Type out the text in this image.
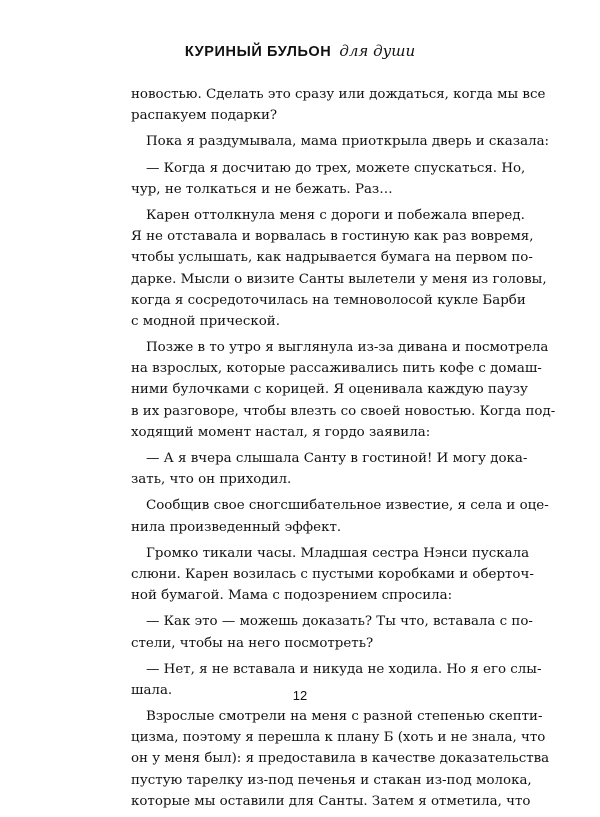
КУРИНЫЙ БУЛЬОН для души
новостью. Сделать это сразу или дождаться, когда мы все
распакуем подарки?
Пока я раздумывала, мама приоткрыла дверь и сказала:
— Когда я досчитаю до трех, можете спускаться. Но,
чур, не толкаться и не бежать. Раз…
Карен оттолкнула меня с дороги и побежала вперед.
Я не отставала и ворвалась в гостиную как раз вовремя,
чтобы услышать, как надрывается бумага на первом по-
дарке. Мысли о визите Санты вылетели у меня из головы,
когда я сосредоточилась на темноволосой кукле Барби
с модной прической.
Позже в то утро я выглянула из-за дивана и посмотрела
на взрослых, которые рассаживались пить кофе с домаш-
ними булочками с корицей. Я оценивала каждую паузу
в их разговоре, чтобы влезть со своей новостью. Когда под-
ходящий момент настал, я гордо заявила:
— А я вчера слышала Санту в гостиной! И могу дока-
зать, что он приходил.
Сообщив свое сногсшибательное известие, я села и оце-
нила произведенный эффект.
Громко тикали часы. Младшая сестра Нэнси пускала
слюни. Карен возилась с пустыми коробками и оберточ-
ной бумагой. Мама с подозрением спросила:
— Как это — можешь доказать? Ты что, вставала с по-
стели, чтобы на него посмотреть?
— Нет, я не вставала и никуда не ходила. Но я его слы-
шала.
Взрослые смотрели на меня с разной степенью скепти-
цизма, поэтому я перешла к плану Б (хоть и не знала, что
он у меня был): я предоставила в качестве доказательства
пустую тарелку из-под печенья и стакан из-под молока,
которые мы оставили для Санты. Затем я отметила, что
12
